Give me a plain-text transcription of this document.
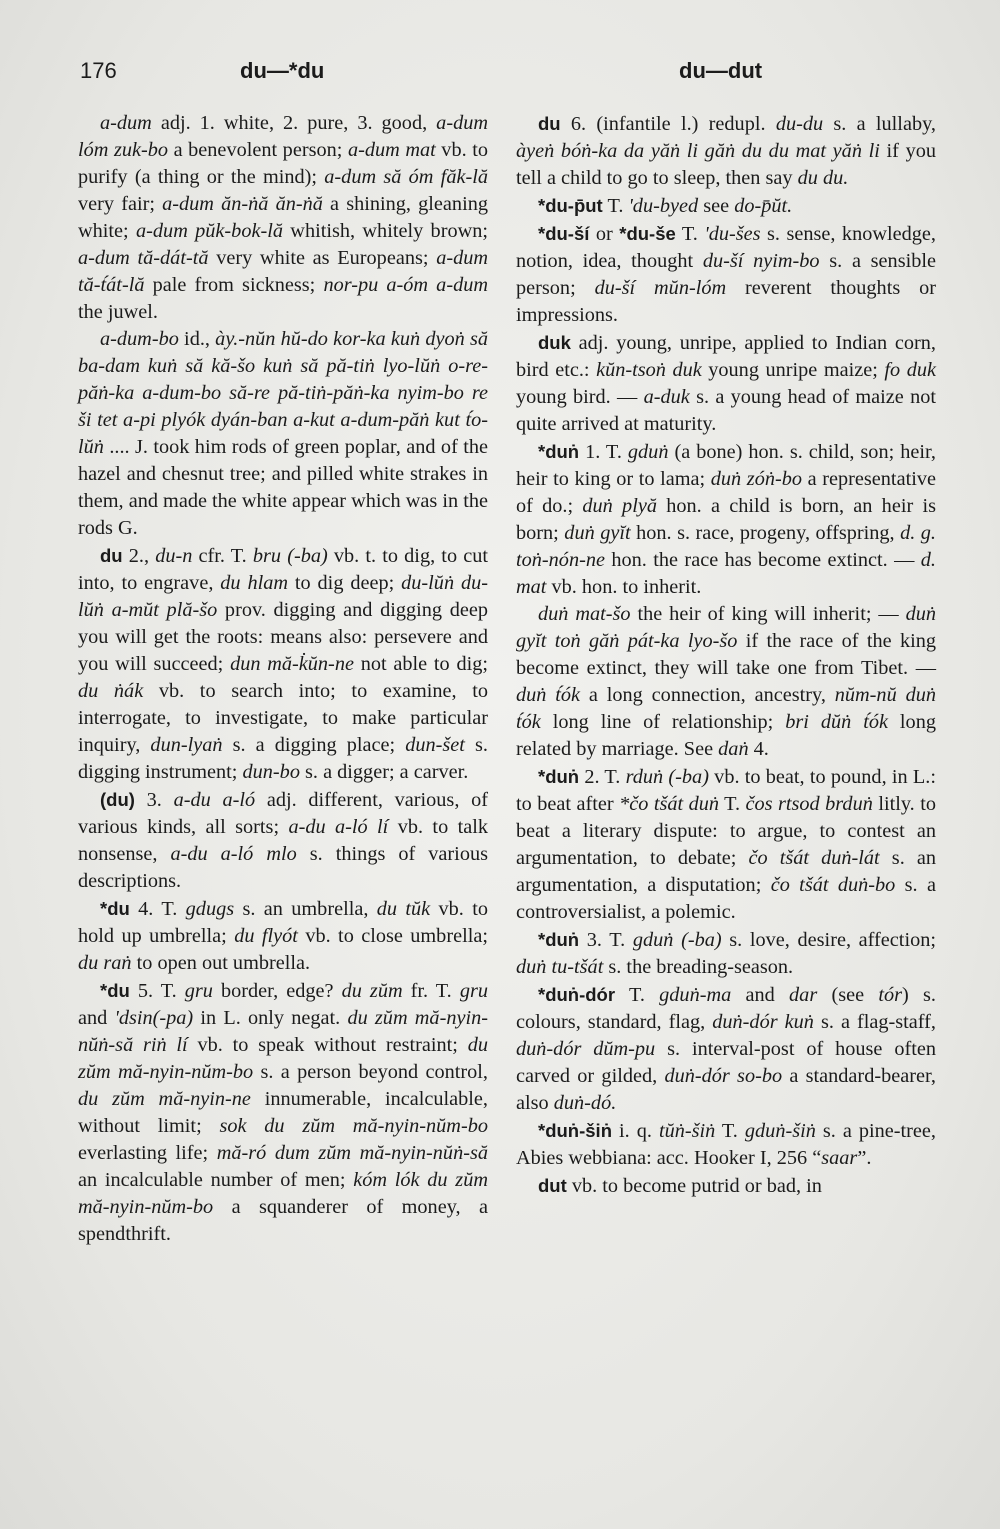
176	du—*du	du—dut

a-dum adj. 1. white, 2. pure, 3. good, a-dum lóm zuk-bo a benevolent person; a-dum mat vb. to purify (a thing or the mind); a-dum să óm făk-lă very fair; a-dum ăn-ṅă ăn-ṅă a shining, gleaning white; a-dum pŭk-bok-lă whitish, whitely brown; a-dum tă-dát-tă very white as Europeans; a-dum tă-t́át-lă pale from sickness; nor-pu a-óm a-dum the juwel.

a-dum-bo id., ày.-nŭn hŭ-do kor-ka kuṅ dyoṅ să ba-dam kuṅ să kă-šo kuṅ să pă-tiṅ lyo-lŭṅ o-re-păṅ-ka a-dum-bo să-re pă-tiṅ-păṅ-ka nyim-bo re ši tet a-pi plyók dyán-ban a-kut a-dum-păṅ kut t́o-lŭṅ .... J. took him rods of green poplar, and of the hazel and chesnut tree; and pilled white strakes in them, and made the white appear which was in the rods G.

du 2., du-n cfr. T. bru (-ba) vb. t. to dig, to cut into, to engrave, du hlam to dig deep; du-lŭṅ du-lŭṅ a-mŭt plă-šo prov. digging and digging deep you will get the roots: means also: persevere and you will succeed; dun mă-k̇ŭn-ne not able to dig; du ṅák vb. to search into; to examine, to interrogate, to investigate, to make particular inquiry, dun-lyaṅ s. a digging place; dun-šet s. digging instrument; dun-bo s. a digger; a carver.

(du) 3. a-du a-ló adj. different, various, of various kinds, all sorts; a-du a-ló lí vb. to talk nonsense, a-du a-ló mlo s. things of various descriptions.

*du 4. T. gdugs s. an umbrella, du tŭk vb. to hold up umbrella; du flyót vb. to close umbrella; du raṅ to open out umbrella.

*du 5. T. gru border, edge? du zŭm fr. T. gru and 'dsin(-pa) in L. only negat. du zŭm mă-nyin-nŭṅ-să riṅ lí vb. to speak without restraint; du zŭm mă-nyin-nŭm-bo s. a person beyond control, du zŭm mă-nyin-ne innumerable, incalculable, without limit; sok du zŭm mă-nyin-nŭm-bo everlasting life; mă-ró dum zŭm mă-nyin-nŭṅ-să an incalculable number of men; kóm lók du zŭm mă-nyin-nŭm-bo a squanderer of money, a spendthrift.

du 6. (infantile l.) redupl. du-du s. a lullaby, àyeṅ bóṅ-ka da yăṅ li găṅ du du mat yăṅ li if you tell a child to go to sleep, then say du du.

*du-p̄ut T. 'du-byed see do-p̄ŭt.

*du-ší or *du-še T. 'du-šes s. sense, knowledge, notion, idea, thought du-ší nyim-bo s. a sensible person; du-ší mŭn-lóm reverent thoughts or impressions.

duk adj. young, unripe, applied to Indian corn, bird etc.: kŭn-tsoṅ duk young unripe maize; fo duk young bird. — a-duk s. a young head of maize not quite arrived at maturity.

*duṅ 1. T. gduṅ (a bone) hon. s. child, son; heir, heir to king or to lama; duṅ zóṅ-bo a representative of do.; duṅ plyă hon. a child is born, an heir is born; duṅ gyĭt hon. s. race, progeny, offspring, d. g. toṅ-nón-ne hon. the race has become extinct. — d. mat vb. hon. to inherit.

duṅ mat-šo the heir of king will inherit; — duṅ gyĭt toṅ găṅ pát-ka lyo-šo if the race of the king become extinct, they will take one from Tibet. — duṅ t́ók a long connection, ancestry, nŭm-nŭ duṅ t́ók long line of relationship; bri dŭṅ t́ók long related by marriage. See daṅ 4.

*duṅ 2. T. rduṅ (-ba) vb. to beat, to pound, in L.: to beat after *čo tšát duṅ T. čos rtsod brduṅ litly. to beat a literary dispute: to argue, to contest an argumentation, to debate; čo tšát duṅ-lát s. an argumentation, a disputation; čo tšát duṅ-bo s. a controversialist, a polemic.

*duṅ 3. T. gduṅ (-ba) s. love, desire, affection; duṅ tu-tšát s. the breading-season.

*duṅ-dór T. gduṅ-ma and dar (see tór) s. colours, standard, flag, duṅ-dór kuṅ s. a flag-staff, duṅ-dór dŭm-pu s. interval-post of house often carved or gilded, duṅ-dór so-bo a standard-bearer, also duṅ-dó.

*duṅ-šiṅ i. q. tŭṅ-šiṅ T. gduṅ-šiṅ s. a pine-tree, Abies webbiana: acc. Hooker I, 256 “saar”.

dut vb. to become putrid or bad, in
